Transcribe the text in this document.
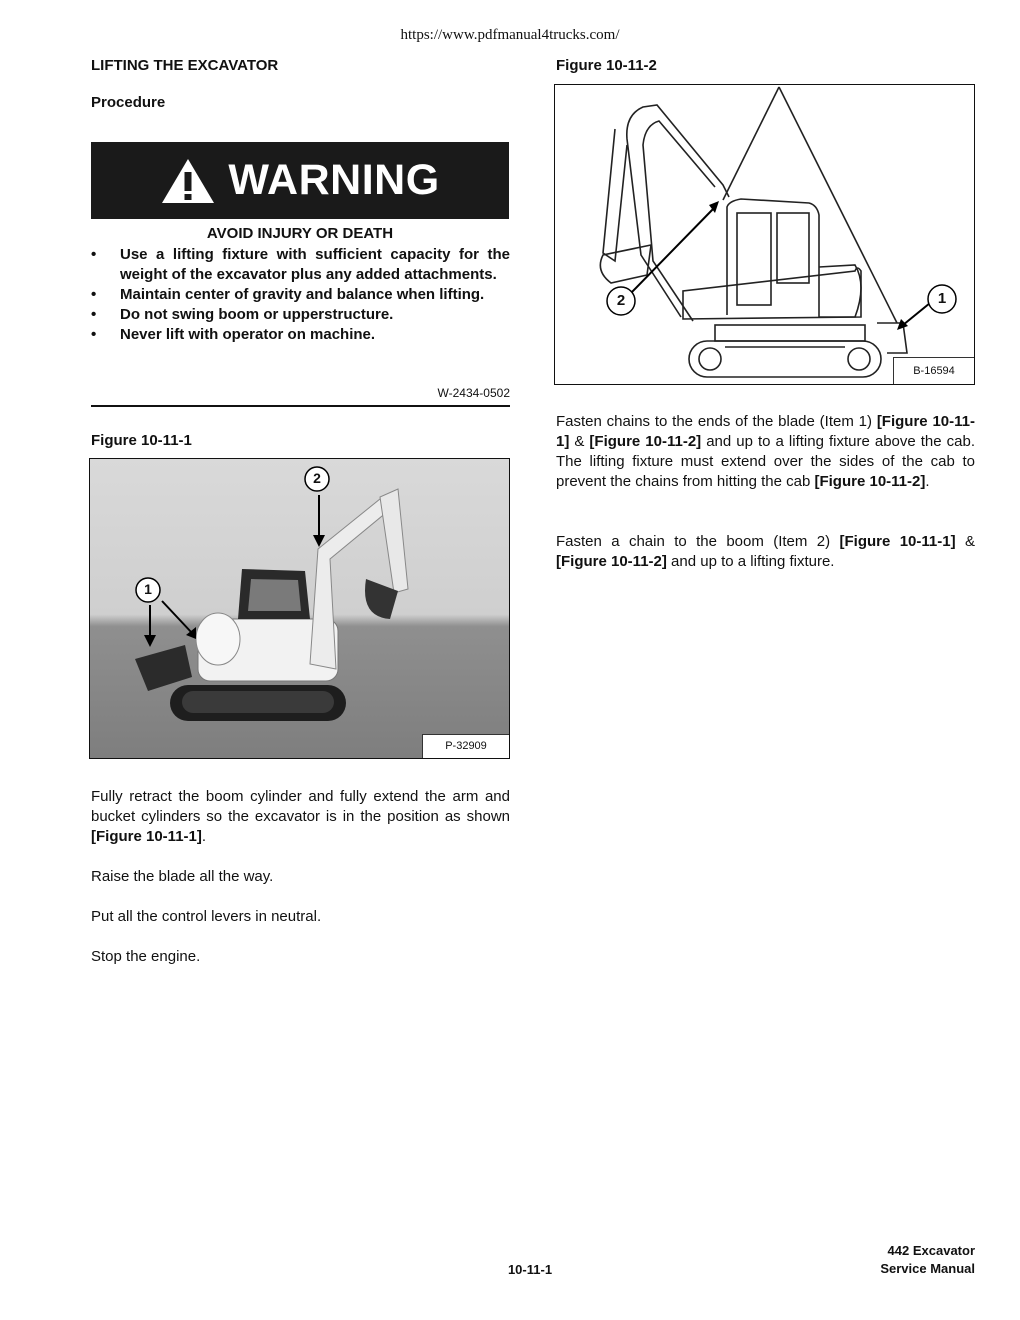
https://www.pdfmanual4trucks.com/
LIFTING THE EXCAVATOR
Procedure
WARNING
AVOID INJURY OR DEATH
• Use a lifting fixture with sufficient capacity for the weight of the excavator plus any added attachments.
• Maintain center of gravity and balance when lifting.
• Do not swing boom or upperstructure.
• Never lift with operator on machine.
W-2434-0502
Figure 10-11-1
2
1
P-32909
Fully retract the boom cylinder and fully extend the arm and bucket cylinders so the excavator is in the position as shown [Figure 10-11-1].
Raise the blade all the way.
Put all the control levers in neutral.
Stop the engine.
Figure 10-11-2
2	1
B-16594
Fasten chains to the ends of the blade (Item 1) [Figure 10-11-1] & [Figure 10-11-2] and up to a lifting fixture above the cab. The lifting fixture must extend over the sides of the cab to prevent the chains from hitting the cab [Figure 10-11-2].
Fasten a chain to the boom (Item 2) [Figure 10-11-1] & [Figure 10-11-2] and up to a lifting fixture.
10-11-1
442 Excavator
Service Manual
